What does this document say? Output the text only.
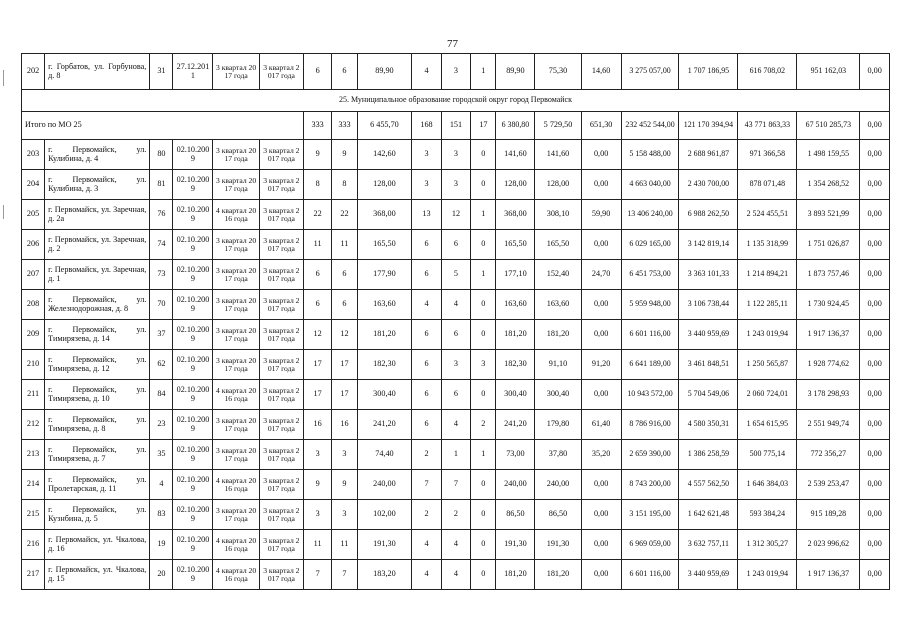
77
202	г. Горбатов, ул. Горбунова, д. 8	31	27.12.2011	3 квартал 2017 года	3 квартал 2017 года	6	6	89,90	4	3	1	89,90	75,30	14,60	3 275 057,00	1 707 186,95	616 708,02	951 162,03	0,00
25. Муниципальное образование городской округ город Первомайск																			
Итого по МО 25						333	333	6 455,70	168	151	17	6 380,80	5 729,50	651,30	232 452 544,00	121 170 394,94	43 771 863,33	67 510 285,73	0,00
203	г. Первомайск, ул. Кулибина, д. 4	80	02.10.2009	3 квартал 2017 года	3 квартал 2017 года	9	9	142,60	3	3	0	141,60	141,60	0,00	5 158 488,00	2 688 961,87	971 366,58	1 498 159,55	0,00
204	г. Первомайск, ул. Кулибина, д. 3	81	02.10.2009	3 квартал 2017 года	3 квартал 2017 года	8	8	128,00	3	3	0	128,00	128,00	0,00	4 663 040,00	2 430 700,00	878 071,48	1 354 268,52	0,00
205	г. Первомайск, ул. Заречная, д. 2а	76	02.10.2009	4 квартал 2016 года	3 квартал 2017 года	22	22	368,00	13	12	1	368,00	308,10	59,90	13 406 240,00	6 988 262,50	2 524 455,51	3 893 521,99	0,00
206	г. Первомайск, ул. Заречная, д. 2	74	02.10.2009	3 квартал 2017 года	3 квартал 2017 года	11	11	165,50	6	6	0	165,50	165,50	0,00	6 029 165,00	3 142 819,14	1 135 318,99	1 751 026,87	0,00
207	г. Первомайск, ул. Заречная, д. 1	73	02.10.2009	3 квартал 2017 года	3 квартал 2017 года	6	6	177,90	6	5	1	177,10	152,40	24,70	6 451 753,00	3 363 101,33	1 214 894,21	1 873 757,46	0,00
208	г. Первомайск, ул. Железнодорожная, д. 8	70	02.10.2009	3 квартал 2017 года	3 квартал 2017 года	6	6	163,60	4	4	0	163,60	163,60	0,00	5 959 948,00	3 106 738,44	1 122 285,11	1 730 924,45	0,00
209	г. Первомайск, ул. Тимирязева, д. 14	37	02.10.2009	3 квартал 2017 года	3 квартал 2017 года	12	12	181,20	6	6	0	181,20	181,20	0,00	6 601 116,00	3 440 959,69	1 243 019,94	1 917 136,37	0,00
210	г. Первомайск, ул. Тимирязева, д. 12	62	02.10.2009	3 квартал 2017 года	3 квартал 2017 года	17	17	182,30	6	3	3	182,30	91,10	91,20	6 641 189,00	3 461 848,51	1 250 565,87	1 928 774,62	0,00
211	г. Первомайск, ул. Тимирязева, д. 10	84	02.10.2009	4 квартал 2016 года	3 квартал 2017 года	17	17	300,40	6	6	0	300,40	300,40	0,00	10 943 572,00	5 704 549,06	2 060 724,01	3 178 298,93	0,00
212	г. Первомайск, ул. Тимирязева, д. 8	23	02.10.2009	3 квартал 2017 года	3 квартал 2017 года	16	16	241,20	6	4	2	241,20	179,80	61,40	8 786 916,00	4 580 350,31	1 654 615,95	2 551 949,74	0,00
213	г. Первомайск, ул. Тимирязева, д. 7	35	02.10.2009	3 квартал 2017 года	3 квартал 2017 года	3	3	74,40	2	1	1	73,00	37,80	35,20	2 659 390,00	1 386 258,59	500 775,14	772 356,27	0,00
214	г. Первомайск, ул. Пролетарская, д. 11	4	02.10.2009	4 квартал 2016 года	3 квартал 2017 года	9	9	240,00	7	7	0	240,00	240,00	0,00	8 743 200,00	4 557 562,50	1 646 384,03	2 539 253,47	0,00
215	г. Первомайск, ул. Кузнбина, д. 5	83	02.10.2009	3 квартал 2017 года	3 квартал 2017 года	3	3	102,00	2	2	0	86,50	86,50	0,00	3 151 195,00	1 642 621,48	593 384,24	915 189,28	0,00
216	г. Первомайск, ул. Чкалова, д. 16	19	02.10.2009	4 квартал 2016 года	3 квартал 2017 года	11	11	191,30	4	4	0	191,30	191,30	0,00	6 969 059,00	3 632 757,11	1 312 305,27	2 023 996,62	0,00
217	г. Первомайск, ул. Чкалова, д. 15	20	02.10.2009	4 квартал 2016 года	3 квартал 2017 года	7	7	183,20	4	4	0	181,20	181,20	0,00	6 601 116,00	3 440 959,69	1 243 019,94	1 917 136,37	0,00
